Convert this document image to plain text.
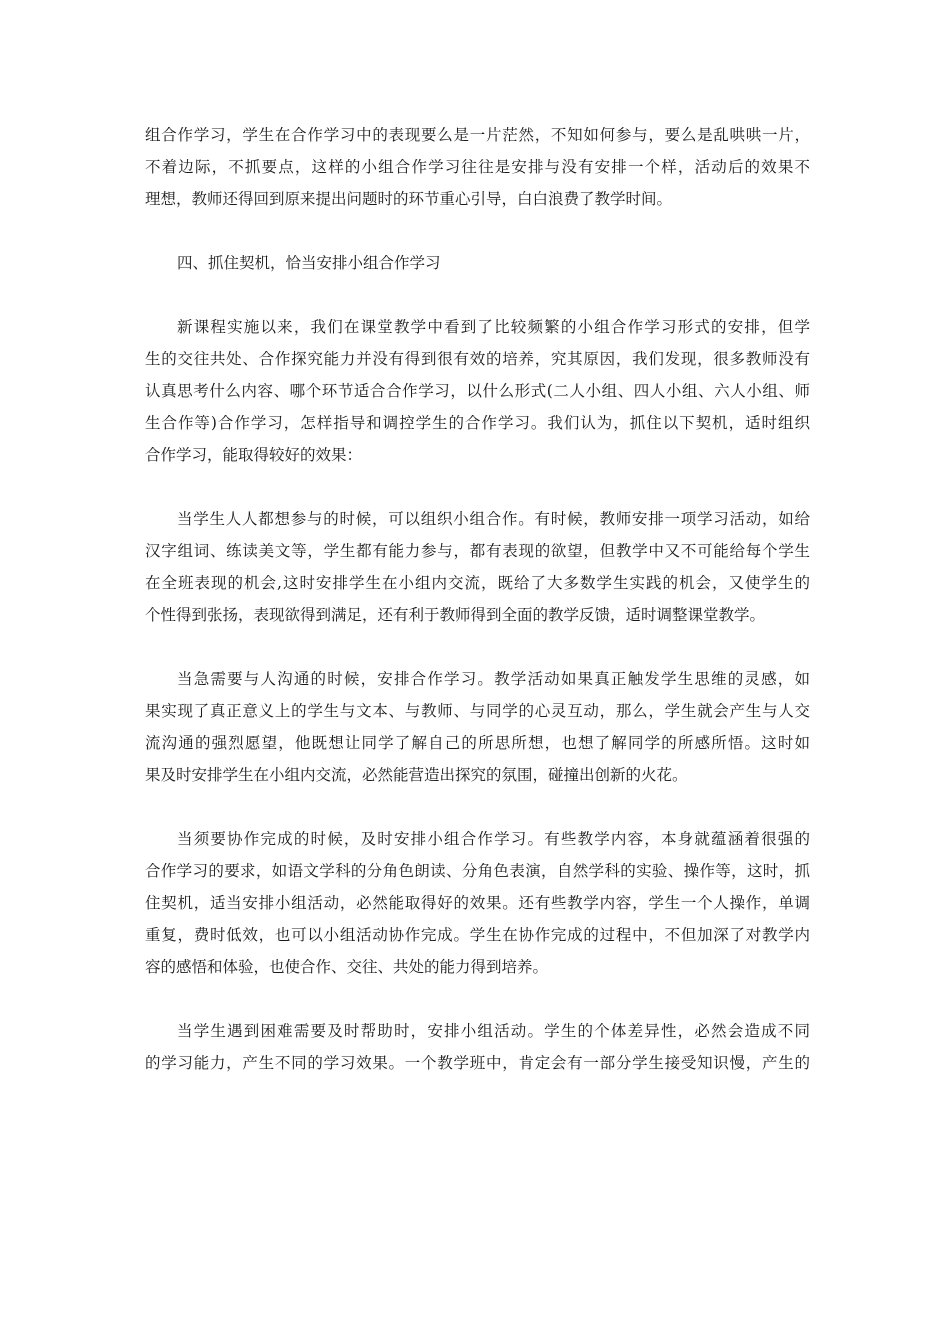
组合作学习，学生在合作学习中的表现要么是一片茫然，不知如何参与，要么是乱哄哄一片，
不着边际，不抓要点，这样的小组合作学习往往是安排与没有安排一个样，活动后的效果不
理想，教师还得回到原来提出问题时的环节重心引导，白白浪费了教学时间。
四、抓住契机，恰当安排小组合作学习
新课程实施以来，我们在课堂教学中看到了比较频繁的小组合作学习形式的安排，但学
生的交往共处、合作探究能力并没有得到很有效的培养，究其原因，我们发现，很多教师没有
认真思考什么内容、哪个环节适合合作学习，以什么形式(二人小组、四人小组、六人小组、师
生合作等)合作学习，怎样指导和调控学生的合作学习。我们认为，抓住以下契机，适时组织
合作学习，能取得较好的效果：
当学生人人都想参与的时候，可以组织小组合作。有时候，教师安排一项学习活动，如给
汉字组词、练读美文等，学生都有能力参与，都有表现的欲望，但教学中又不可能给每个学生
在全班表现的机会,这时安排学生在小组内交流，既给了大多数学生实践的机会，又使学生的
个性得到张扬，表现欲得到满足，还有利于教师得到全面的教学反馈，适时调整课堂教学。
当急需要与人沟通的时候，安排合作学习。教学活动如果真正触发学生思维的灵感，如
果实现了真正意义上的学生与文本、与教师、与同学的心灵互动，那么，学生就会产生与人交
流沟通的强烈愿望，他既想让同学了解自己的所思所想，也想了解同学的所感所悟。这时如
果及时安排学生在小组内交流，必然能营造出探究的氛围，碰撞出创新的火花。
当须要协作完成的时候，及时安排小组合作学习。有些教学内容，本身就蕴涵着很强的
合作学习的要求，如语文学科的分角色朗读、分角色表演，自然学科的实验、操作等，这时，抓
住契机，适当安排小组活动，必然能取得好的效果。还有些教学内容，学生一个人操作，单调
重复，费时低效，也可以小组活动协作完成。学生在协作完成的过程中，不但加深了对教学内
容的感悟和体验，也使合作、交往、共处的能力得到培养。
当学生遇到困难需要及时帮助时，安排小组活动。学生的个体差异性，必然会造成不同
的学习能力，产生不同的学习效果。一个教学班中，肯定会有一部分学生接受知识慢，产生的
